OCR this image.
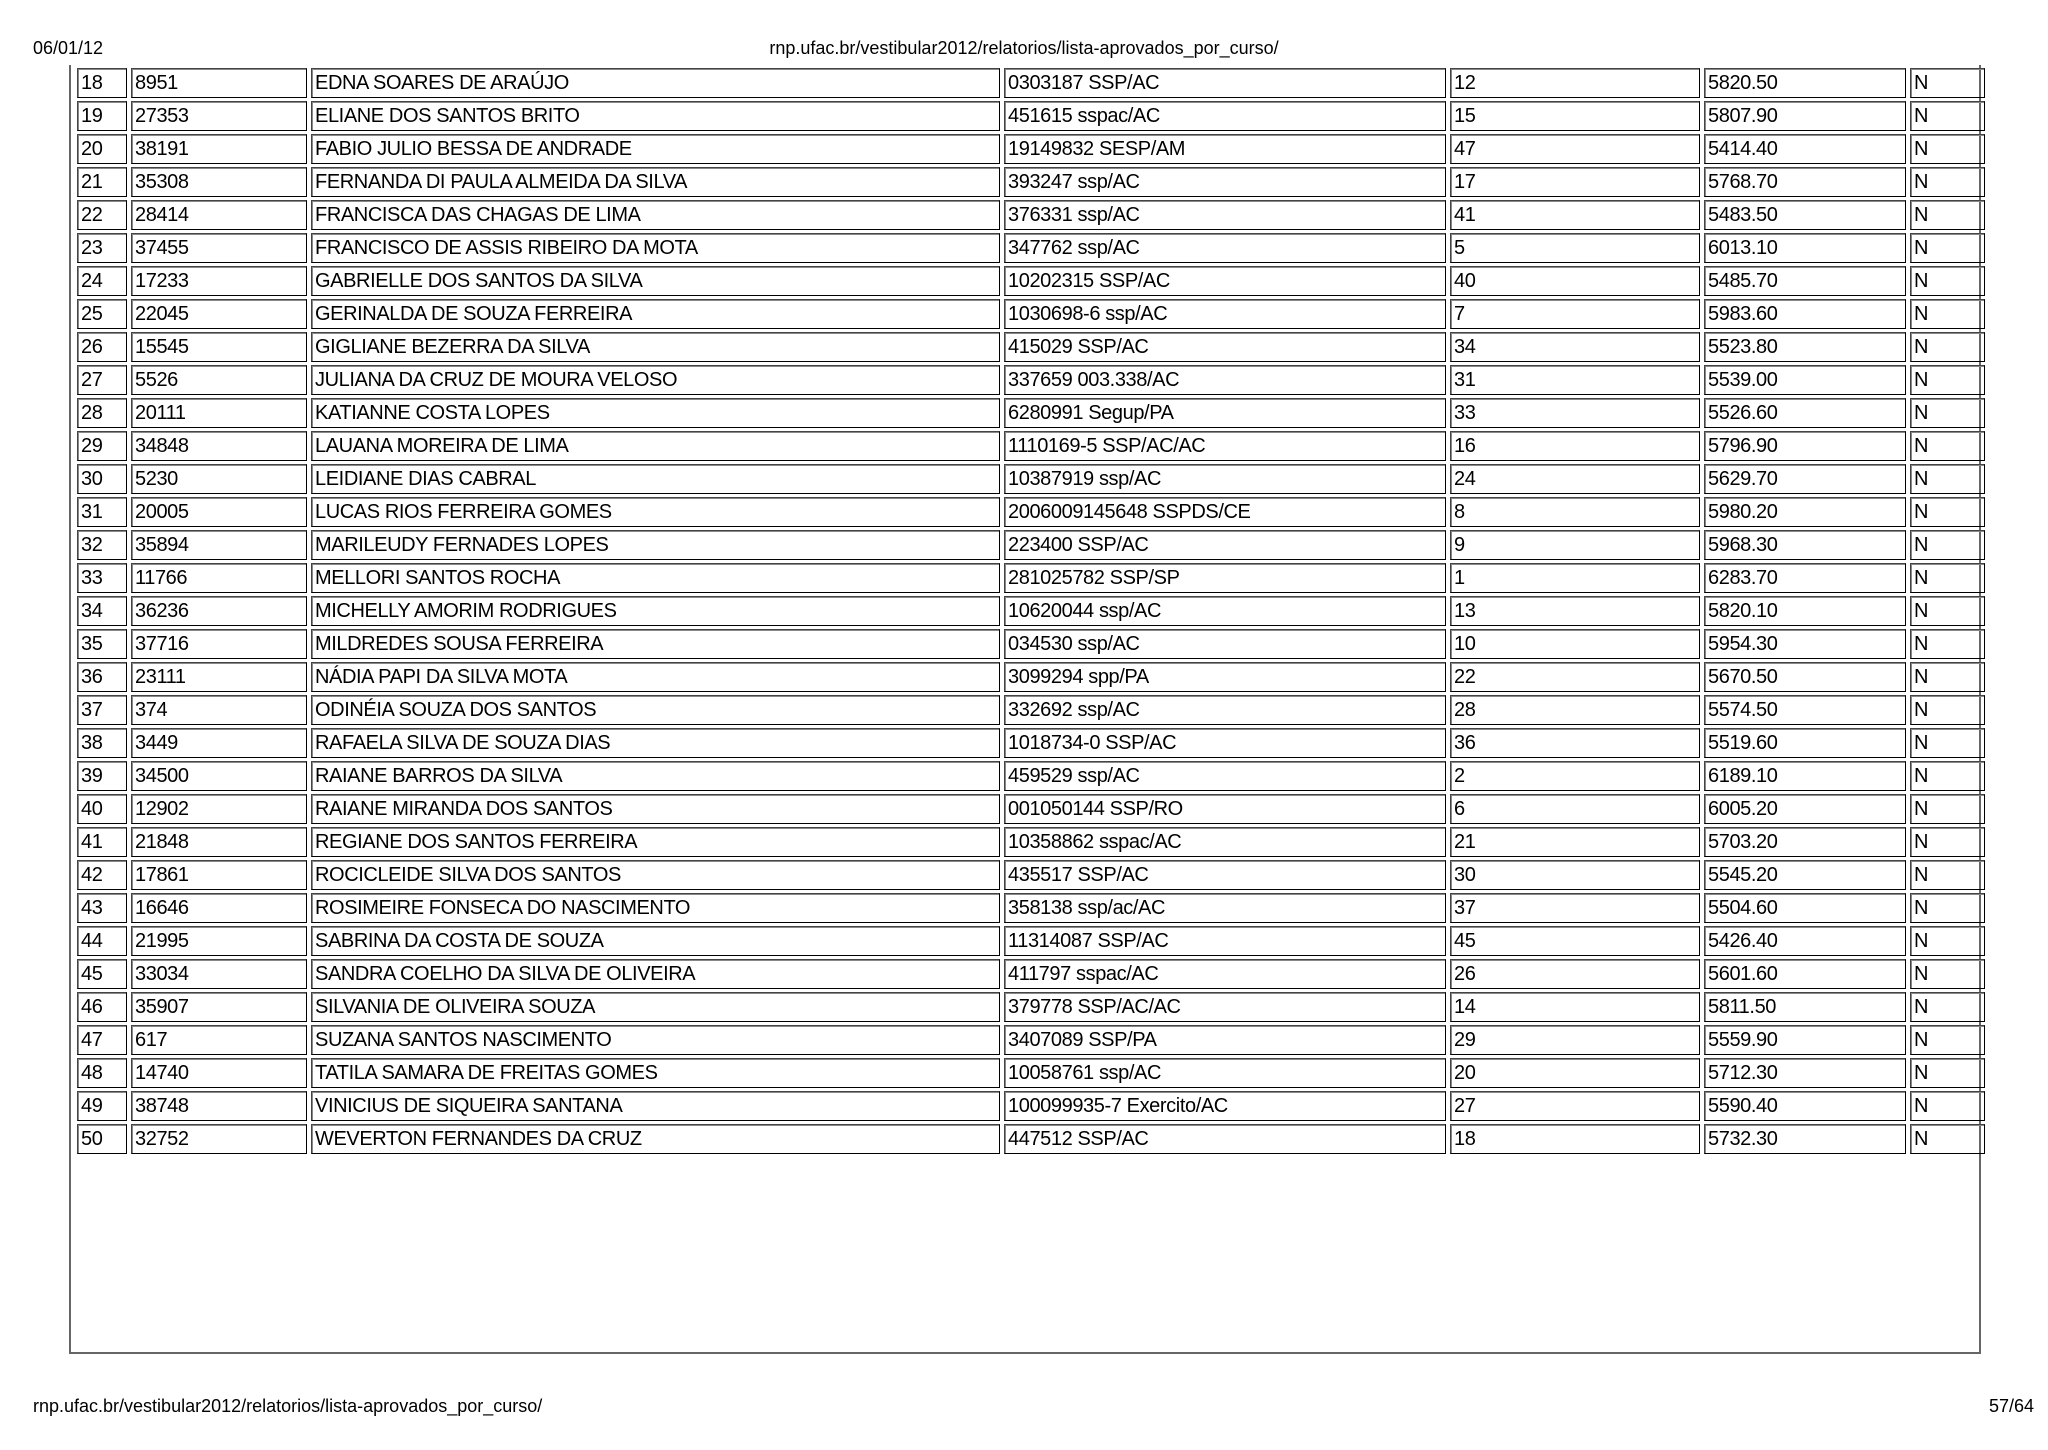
06/01/12	rnp.ufac.br/vestibular2012/relatorios/lista-aprovados_por_curso/
18	8951	EDNA SOARES DE ARAÚJO	0303187 SSP/AC	12	5820.50	N
19	27353	ELIANE DOS SANTOS BRITO	451615 sspac/AC	15	5807.90	N
20	38191	FABIO JULIO BESSA DE ANDRADE	19149832 SESP/AM	47	5414.40	N
21	35308	FERNANDA DI PAULA ALMEIDA DA SILVA	393247 ssp/AC	17	5768.70	N
22	28414	FRANCISCA DAS CHAGAS DE LIMA	376331 ssp/AC	41	5483.50	N
23	37455	FRANCISCO DE ASSIS RIBEIRO DA MOTA	347762 ssp/AC	5	6013.10	N
24	17233	GABRIELLE DOS SANTOS DA SILVA	10202315 SSP/AC	40	5485.70	N
25	22045	GERINALDA DE SOUZA FERREIRA	1030698-6 ssp/AC	7	5983.60	N
26	15545	GIGLIANE BEZERRA DA SILVA	415029 SSP/AC	34	5523.80	N
27	5526	JULIANA DA CRUZ DE MOURA VELOSO	337659 003.338/AC	31	5539.00	N
28	20111	KATIANNE COSTA LOPES	6280991 Segup/PA	33	5526.60	N
29	34848	LAUANA MOREIRA DE LIMA	1110169-5 SSP/AC/AC	16	5796.90	N
30	5230	LEIDIANE DIAS CABRAL	10387919 ssp/AC	24	5629.70	N
31	20005	LUCAS RIOS FERREIRA GOMES	2006009145648 SSPDS/CE	8	5980.20	N
32	35894	MARILEUDY FERNADES LOPES	223400 SSP/AC	9	5968.30	N
33	11766	MELLORI SANTOS ROCHA	281025782 SSP/SP	1	6283.70	N
34	36236	MICHELLY AMORIM RODRIGUES	10620044 ssp/AC	13	5820.10	N
35	37716	MILDREDES SOUSA FERREIRA	034530 ssp/AC	10	5954.30	N
36	23111	NÁDIA PAPI DA SILVA MOTA	3099294 spp/PA	22	5670.50	N
37	374	ODINÉIA SOUZA DOS SANTOS	332692 ssp/AC	28	5574.50	N
38	3449	RAFAELA SILVA DE SOUZA DIAS	1018734-0 SSP/AC	36	5519.60	N
39	34500	RAIANE BARROS DA SILVA	459529 ssp/AC	2	6189.10	N
40	12902	RAIANE MIRANDA DOS SANTOS	001050144 SSP/RO	6	6005.20	N
41	21848	REGIANE DOS SANTOS FERREIRA	10358862 sspac/AC	21	5703.20	N
42	17861	ROCICLEIDE SILVA DOS SANTOS	435517 SSP/AC	30	5545.20	N
43	16646	ROSIMEIRE FONSECA DO NASCIMENTO	358138 ssp/ac/AC	37	5504.60	N
44	21995	SABRINA DA COSTA DE SOUZA	11314087 SSP/AC	45	5426.40	N
45	33034	SANDRA COELHO DA SILVA DE OLIVEIRA	411797 sspac/AC	26	5601.60	N
46	35907	SILVANIA DE OLIVEIRA SOUZA	379778 SSP/AC/AC	14	5811.50	N
47	617	SUZANA SANTOS NASCIMENTO	3407089 SSP/PA	29	5559.90	N
48	14740	TATILA SAMARA DE FREITAS GOMES	10058761 ssp/AC	20	5712.30	N
49	38748	VINICIUS DE SIQUEIRA SANTANA	100099935-7 Exercito/AC	27	5590.40	N
50	32752	WEVERTON FERNANDES DA CRUZ	447512 SSP/AC	18	5732.30	N
rnp.ufac.br/vestibular2012/relatorios/lista-aprovados_por_curso/	57/64
